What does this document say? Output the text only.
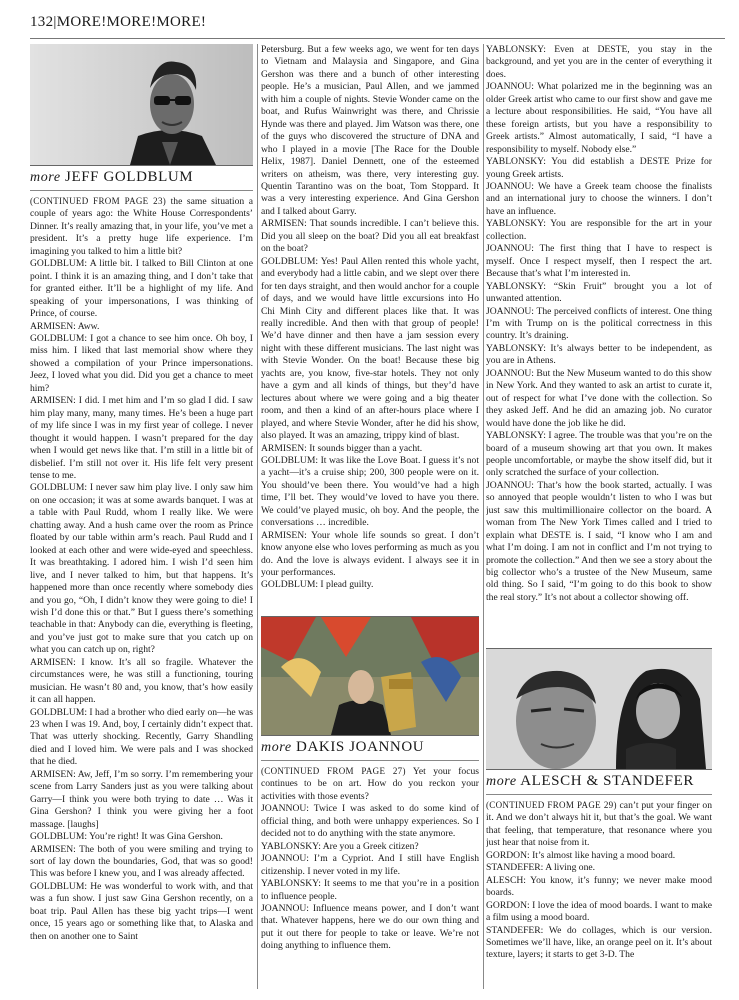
132|MORE!MORE!MORE!
more JEFF GOLDBLUM

(CONTINUED FROM PAGE 23) the same situation a couple of years ago: the White House Correspondents’ Dinner. It’s really amazing that, in your life, you’ve met a president. It’s a pretty huge life experience. I’m imagining you talked to him a little bit?

GOLDBLUM: A little bit. I talked to Bill Clinton at one point. I think it is an amazing thing, and I don’t take that for granted either. It’ll be a highlight of my life. And speaking of your impersonations, I was thinking of Prince, of course.

ARMISEN: Aww.

GOLDBLUM: I got a chance to see him once. Oh boy, I miss him. I liked that last memorial show where they showed a compilation of your Prince impersonations. Jeez, I loved what you did. Did you get a chance to meet him?

ARMISEN: I did. I met him and I’m so glad I did. I saw him play many, many, many times. He’s been a huge part of my life since I was in my first year of college. I never thought it would happen. I wasn’t prepared for the day when I would get news like that. I’m still in a little bit of disbelief. I’m still not over it. His life felt very present tense to me.

GOLDBLUM: I never saw him play live. I only saw him on one occasion; it was at some awards banquet. I was at a table with Paul Rudd, whom I really like. We were chatting away. And a hush came over the room as Prince floated by our table within arm’s reach. Paul Rudd and I looked at each other and were wide-eyed and speechless. It was breathtaking. I adored him. I wish I’d seen him live, and I never talked to him, but that happens. It’s happened more than once recently where somebody dies and you go, “Oh, I didn’t know they were going to die! I wish I’d done this or that.” But I guess there’s something teachable in that: Anybody can die, everything is fleeting, and you’ve just got to make sure that you catch up on what you can catch up on, right?

ARMISEN: I know. It’s all so fragile. Whatever the circumstances were, he was still a functioning, touring musician. He wasn’t 80 and, you know, that’s how easily it can all happen.

GOLDBLUM: I had a brother who died early on—he was 23 when I was 19. And, boy, I certainly didn’t expect that. That was utterly shocking. Recently, Garry Shandling died and I loved him. We were pals and I was shocked that he died.

ARMISEN: Aw, Jeff, I’m so sorry. I’m remembering your scene from Larry Sanders just as you were talking about Garry—I think you were both trying to date … Was it Gina Gershon? I think you were giving her a foot massage. [laughs]

GOLDBLUM: You’re right! It was Gina Gershon.

ARMISEN: The both of you were smiling and trying to sort of lay down the boundaries, God, that was so good! This was before I knew you, and I was already affected.

GOLDBLUM: He was wonderful to work with, and that was a fun show. I just saw Gina Gershon recently, on a boat trip. Paul Allen has these big yacht trips—I went once, 15 years ago or something like that, to Alaska and then on another one to Saint

Petersburg. But a few weeks ago, we went for ten days to Vietnam and Malaysia and Singapore, and Gina Gershon was there and a bunch of other interesting people. He’s a musician, Paul Allen, and we jammed with him a couple of nights. Stevie Wonder came on the boat, and Rufus Wainwright was there, and Chrissie Hynde was there and played. Jim Watson was there, one of the guys who discovered the structure of DNA and who I played in a movie [The Race for the Double Helix, 1987]. Daniel Dennett, one of the esteemed writers on atheism, was there, very interesting guy. Quentin Tarantino was on the boat, Tom Stoppard. It was a very interesting experience. And Gina Gershon and I talked about Garry.

ARMISEN: That sounds incredible. I can’t believe this. Did you all sleep on the boat? Did you all eat breakfast on the boat?

GOLDBLUM: Yes! Paul Allen rented this whole yacht, and everybody had a little cabin, and we slept over there for ten days straight, and then would anchor for a couple of days, and we would have little excursions into Ho Chi Minh City and different places like that. It was really incredible. And then with that group of people! We’d have dinner and then have a jam session every night with these different musicians. The last night was with Stevie Wonder. On the boat! Because these big yachts are, you know, five-star hotels. They not only have a gym and all kinds of things, but they’d have lectures about where we were going and a big theater room, and then a kind of an after-hours place where I played, and where Stevie Wonder, after he did his show, also played. It was an amazing, trippy kind of blast.

ARMISEN: It sounds bigger than a yacht.

GOLDBLUM: It was like the Love Boat. I guess it’s not a yacht—it’s a cruise ship; 200, 300 people were on it. You should’ve been there. You would’ve had a high time, I’ll bet. They would’ve loved to have you there. We could’ve played music, oh boy. And the people, the conversations … incredible.

ARMISEN: Your whole life sounds so great. I don’t know anyone else who loves performing as much as you do. And the love is always evident. I always see it in your performances.

GOLDBLUM: I plead guilty.

more DAKIS JOANNOU

(CONTINUED FROM PAGE 27) Yet your focus continues to be on art. How do you reckon your activities with those events?

JOANNOU: Twice I was asked to do some kind of official thing, and both were unhappy experiences. So I decided not to do anything with the state anymore.

YABLONSKY: Are you a Greek citizen?

JOANNOU: I’m a Cypriot. And I still have English citizenship. I never voted in my life.

YABLONSKY: It seems to me that you’re in a position to influence people.

JOANNOU: Influence means power, and I don’t want that. Whatever happens, here we do our own thing and put it out there for people to take or leave. We’re not doing anything to influence them.

YABLONSKY: Even at DESTE, you stay in the background, and yet you are in the center of everything it does.

JOANNOU: What polarized me in the beginning was an older Greek artist who came to our first show and gave me a lecture about responsibilities. He said, “You have all these foreign artists, but you have a responsibility to Greek artists.” Almost automatically, I said, “I have a responsibility to myself. Nobody else.”

YABLONSKY: You did establish a DESTE Prize for young Greek artists.

JOANNOU: We have a Greek team choose the finalists and an international jury to choose the winners. I don’t have an influence.

YABLONSKY: You are responsible for the art in your collection.

JOANNOU: The first thing that I have to respect is myself. Once I respect myself, then I respect the art. Because that’s what I’m interested in.

YABLONSKY: “Skin Fruit” brought you a lot of unwanted attention.

JOANNOU: The perceived conflicts of interest. One thing I’m with Trump on is the political correctness in this country. It’s draining.

YABLONSKY: It’s always better to be independent, as you are in Athens.

JOANNOU: But the New Museum wanted to do this show in New York. And they wanted to ask an artist to curate it, out of respect for what I’ve done with the collection. So they asked Jeff. And he did an amazing job. No curator would have done the job like he did.

YABLONSKY: I agree. The trouble was that you’re on the board of a museum showing art that you own. It makes people uncomfortable, or maybe the show itself did, but it only scratched the surface of your collection.

JOANNOU: That’s how the book started, actually. I was so annoyed that people wouldn’t listen to who I was but just saw this multimillionaire collector on the board. A woman from The New York Times called and I tried to explain what DESTE is. I said, “I know who I am and what I’m doing. I am not in conflict and I’m not trying to promote the collection.” And then we see a story about the big collector who’s a trustee of the New Museum, same old thing. So I said, “I’m going to do this book to show the real story.” It’s not about a collector showing off.

more ALESCH & STANDEFER

(CONTINUED FROM PAGE 29) can’t put your finger on it. And we don’t always hit it, but that’s the goal. We want that feeling, that temperature, that resonance where you just hear that noise from it.

GORDON: It’s almost like having a mood board.

STANDEFER: A living one.

ALESCH: You know, it’s funny; we never make mood boards.

GORDON: I love the idea of mood boards. I want to make a film using a mood board.

STANDEFER: We do collages, which is our version. Sometimes we’ll have, like, an orange peel on it. It’s about texture, layers; it starts to get 3-D. The
